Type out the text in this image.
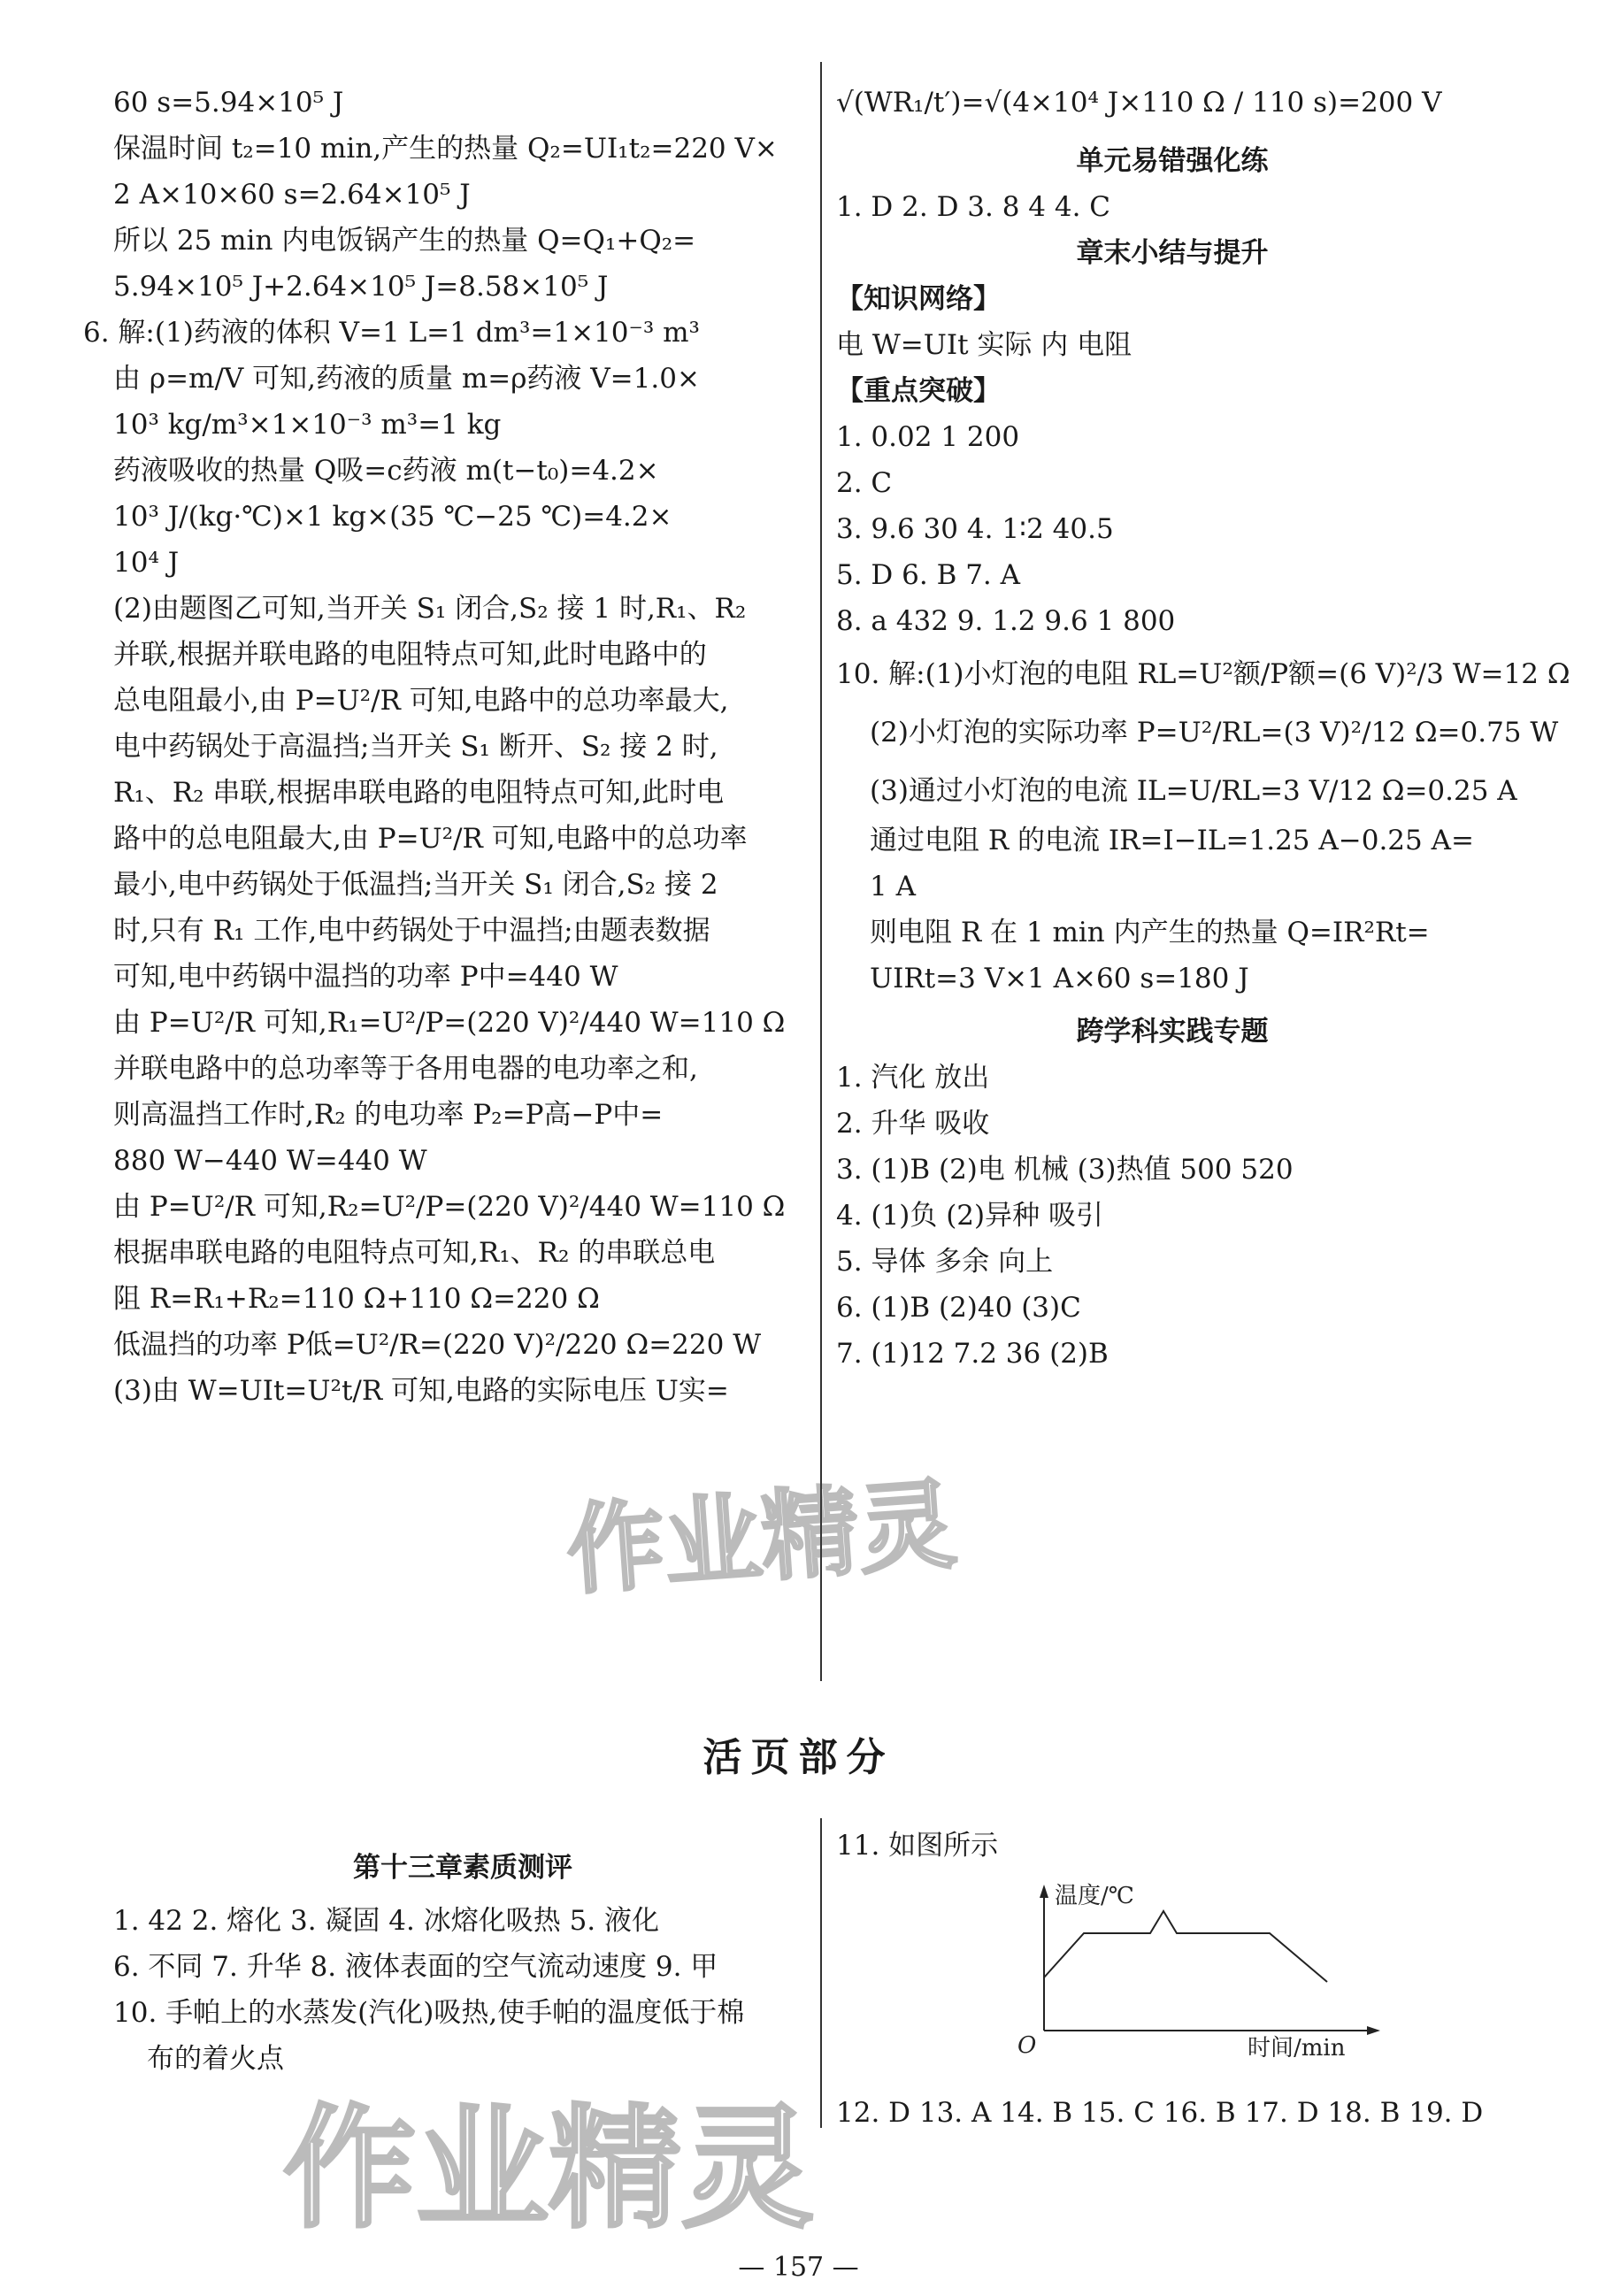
60 s=5.94×10⁵ J

保温时间 t₂=10 min,产生的热量 Q₂=UI₁t₂=220 V×

2 A×10×60 s=2.64×10⁵ J

所以 25 min 内电饭锅产生的热量 Q=Q₁+Q₂=

5.94×10⁵ J+2.64×10⁵ J=8.58×10⁵ J

6. 解:(1)药液的体积 V=1 L=1 dm³=1×10⁻³ m³

由 ρ=m/V 可知,药液的质量 m=ρ药液 V=1.0×

10³ kg/m³×1×10⁻³ m³=1 kg

药液吸收的热量 Q吸=c药液 m(t−t₀)=4.2×

10³ J/(kg·℃)×1 kg×(35 ℃−25 ℃)=4.2×

10⁴ J

(2)由题图乙可知,当开关 S₁ 闭合,S₂ 接 1 时,R₁、R₂

并联,根据并联电路的电阻特点可知,此时电路中的

总电阻最小,由 P=U²/R 可知,电路中的总功率最大,

电中药锅处于高温挡;当开关 S₁ 断开、S₂ 接 2 时,

R₁、R₂ 串联,根据串联电路的电阻特点可知,此时电

路中的总电阻最大,由 P=U²/R 可知,电路中的总功率

最小,电中药锅处于低温挡;当开关 S₁ 闭合,S₂ 接 2

时,只有 R₁ 工作,电中药锅处于中温挡;由题表数据

可知,电中药锅中温挡的功率 P中=440 W

由 P=U²/R 可知,R₁=U²/P=(220 V)²/440 W=110 Ω

并联电路中的总功率等于各用电器的电功率之和,

则高温挡工作时,R₂ 的电功率 P₂=P高−P中=

880 W−440 W=440 W

由 P=U²/R 可知,R₂=U²/P=(220 V)²/440 W=110 Ω

根据串联电路的电阻特点可知,R₁、R₂ 的串联总电

阻 R=R₁+R₂=110 Ω+110 Ω=220 Ω

低温挡的功率 P低=U²/R=(220 V)²/220 Ω=220 W

(3)由 W=UIt=U²t/R 可知,电路的实际电压 U实=

√(WR₁/t′)=√(4×10⁴ J×110 Ω / 110 s)=200 V

单元易错强化练

1. D 2. D 3. 8 4 4. C

章末小结与提升

【知识网络】

电 W=UIt 实际 内 电阻

【重点突破】

1. 0.02 1 200

2. C

3. 9.6 30 4. 1∶2 40.5

5. D 6. B 7. A

8. a 432 9. 1.2 9.6 1 800

10. 解:(1)小灯泡的电阻 RL=U²额/P额=(6 V)²/3 W=12 Ω

(2)小灯泡的实际功率 P=U²/RL=(3 V)²/12 Ω=0.75 W

(3)通过小灯泡的电流 IL=U/RL=3 V/12 Ω=0.25 A

通过电阻 R 的电流 IR=I−IL=1.25 A−0.25 A=

1 A

则电阻 R 在 1 min 内产生的热量 Q=IR²Rt=

UIRt=3 V×1 A×60 s=180 J

跨学科实践专题

1. 汽化 放出

2. 升华 吸收

3. (1)B (2)电 机械 (3)热值 500 520

4. (1)负 (2)异种 吸引

5. 导体 多余 向上

6. (1)B (2)40 (3)C

7. (1)12 7.2 36 (2)B

活页部分

第十三章素质测评

1. 42 2. 熔化 3. 凝固 4. 冰熔化吸热 5. 液化

6. 不同 7. 升华 8. 液体表面的空气流动速度 9. 甲

10. 手帕上的水蒸发(汽化)吸热,使手帕的温度低于棉

布的着火点

11. 如图所示

12. D 13. A 14. B 15. C 16. B 17. D 18. B 19. D

温度/℃
时间/min
O
— 157 —
作业精灵
作业精灵
